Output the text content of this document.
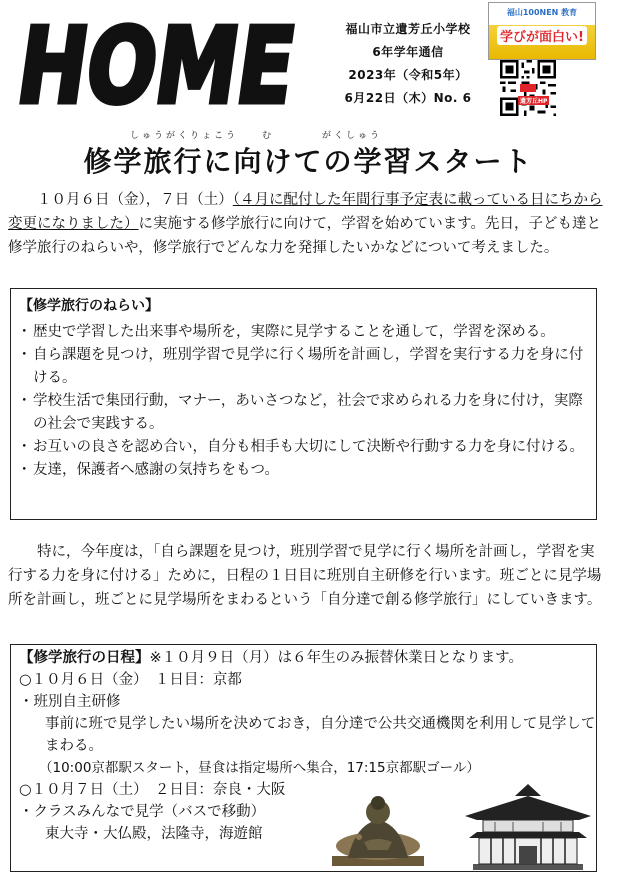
HOME
福山市立遺芳丘小学校
6年学年通信
2023年（令和5年）
6月22日（木）No. 6
福山100NEN 教育
学びが面白い!
遺芳丘HP
しゅうがくりょこう　　む　　　　がくしゅう
修学旅行に向けての学習スタート

１０月６日（金），７日（土）（４月に配付した年間行事予定表に載っている日にちから変更になりました）に実施する修学旅行に向けて，学習を始めています。先日，子ども達と修学旅行のねらいや，修学旅行でどんな力を発揮したいかなどについて考えました。

【修学旅行のねらい】
・ 歴史で学習した出来事や場所を，実際に見学することを通して，学習を深める。
・ 自ら課題を見つけ，班別学習で見学に行く場所を計画し，学習を実行する力を身に付ける。
・ 学校生活で集団行動，マナー，あいさつなど，社会で求められる力を身に付け，実際の社会で実践する。
・ お互いの良さを認め合い，自分も相手も大切にして決断や行動する力を身に付ける。
・ 友達，保護者へ感謝の気持ちをもつ。

特に，今年度は，「自ら課題を見つけ，班別学習で見学に行く場所を計画し，学習を実行する力を身に付ける」ために，日程の１日目に班別自主研修を行います。班ごとに見学場所を計画し，班ごとに見学場所をまわるという「自分達で創る修学旅行」にしていきます。

【修学旅行の日程】※１０月９日（月）は６年生のみ振替休業日となります。
○１０月６日（金）　１日目：京都
・班別自主研修
事前に班で見学したい場所を決めておき，自分達で公共交通機関を利用して見学してまわる。
（10:00京都駅スタート，昼食は指定場所へ集合，17:15京都駅ゴール）
○１０月７日（土）　２日目：奈良・大阪
・クラスみんなで見学（バスで移動）
東大寺・大仏殿，法隆寺，海遊館
